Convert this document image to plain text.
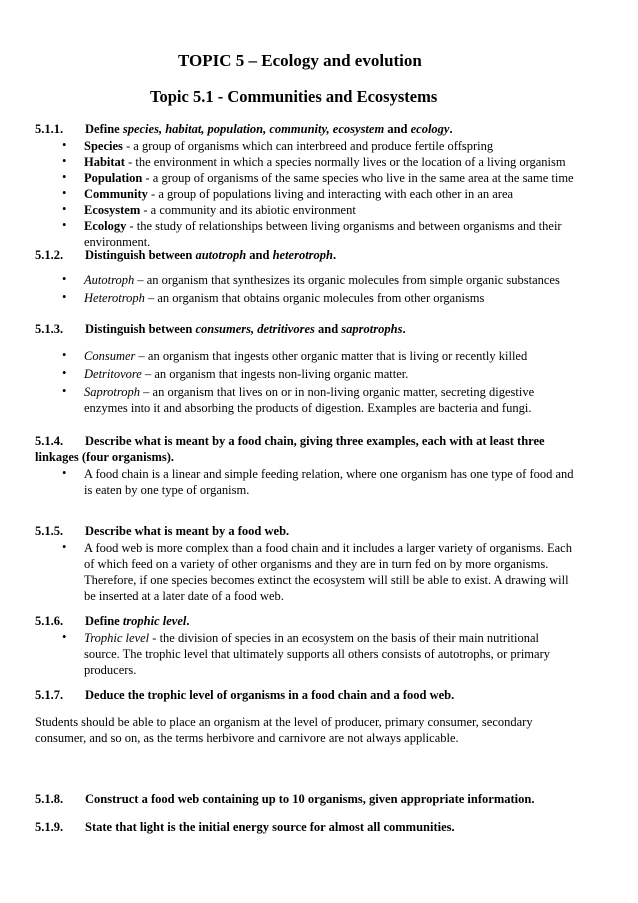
TOPIC 5 – Ecology and evolution
Topic 5.1 - Communities and Ecosystems
5.1.1. Define species, habitat, population, community, ecosystem and ecology.
• Species - a group of organisms which can interbreed and produce fertile offspring
• Habitat - the environment in which a species normally lives or the location of a living organism
• Population - a group of organisms of the same species who live in the same area at the same time
• Community - a group of populations living and interacting with each other in an area
• Ecosystem - a community and its abiotic environment
• Ecology - the study of relationships between living organisms and between organisms and their
environment.
5.1.2. Distinguish between autotroph and heterotroph.
• Autotroph – an organism that synthesizes its organic molecules from simple organic substances
• Heterotroph – an organism that obtains organic molecules from other organisms
5.1.3. Distinguish between consumers, detritivores and saprotrophs.
• Consumer – an organism that ingests other organic matter that is living or recently killed
• Detritovore – an organism that ingests non-living organic matter.
• Saprotroph – an organism that lives on or in non-living organic matter, secreting digestive
enzymes into it and absorbing the products of digestion. Examples are bacteria and fungi.
5.1.4. Describe what is meant by a food chain, giving three examples, each with at least three
linkages (four organisms).
• A food chain is a linear and simple feeding relation, where one organism has one type of food and
is eaten by one type of organism.
5.1.5. Describe what is meant by a food web.
• A food web is more complex than a food chain and it includes a larger variety of organisms. Each
of which feed on a variety of other organisms and they are in turn fed on by more organisms.
Therefore, if one species becomes extinct the ecosystem will still be able to exist. A drawing will
be inserted at a later date of a food web.
5.1.6. Define trophic level.
• Trophic level - the division of species in an ecosystem on the basis of their main nutritional
source. The trophic level that ultimately supports all others consists of autotrophs, or primary
producers.
5.1.7. Deduce the trophic level of organisms in a food chain and a food web.
Students should be able to place an organism at the level of producer, primary consumer, secondary
consumer, and so on, as the terms herbivore and carnivore are not always applicable.
5.1.8. Construct a food web containing up to 10 organisms, given appropriate information.
5.1.9. State that light is the initial energy source for almost all communities.
